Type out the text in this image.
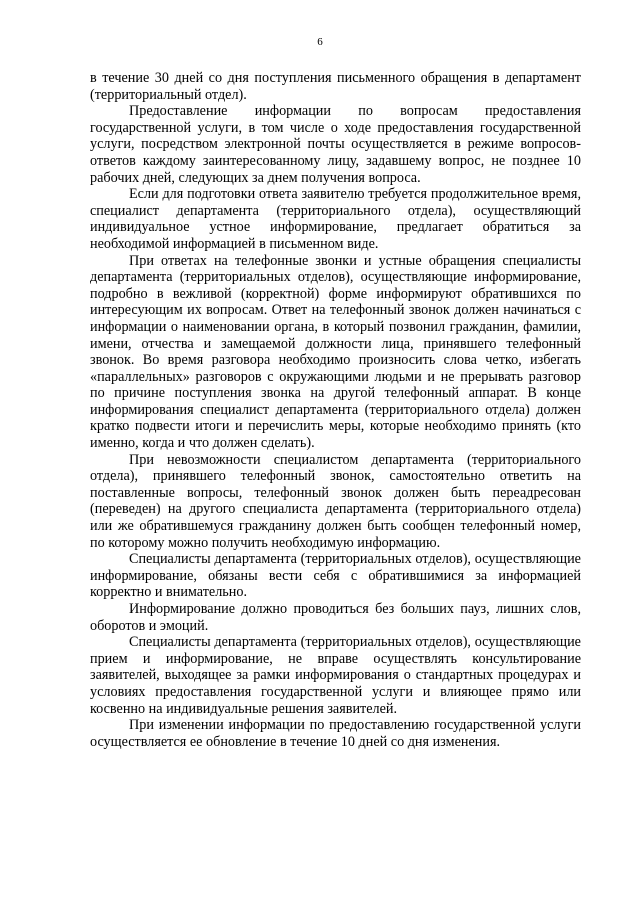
6

в течение 30 дней со дня поступления письменного обращения в департамент (территориальный отдел).

Предоставление информации по вопросам предоставления государственной услуги, в том числе о ходе предоставления государственной услуги, посредством электронной почты осуществляется в режиме вопросов-ответов каждому заинтересованному лицу, задавшему вопрос, не позднее 10 рабочих дней, следующих за днем получения вопроса.

Если для подготовки ответа заявителю требуется продолжительное время, специалист департамента (территориального отдела), осуществляющий индивидуальное устное информирование, предлагает обратиться за необходимой информацией в письменном виде.

При ответах на телефонные звонки и устные обращения специалисты департамента (территориальных отделов), осуществляющие информирование, подробно в вежливой (корректной) форме информируют обратившихся по интересующим их вопросам. Ответ на телефонный звонок должен начинаться с информации о наименовании органа, в который позвонил гражданин, фамилии, имени, отчества и замещаемой должности лица, принявшего телефонный звонок. Во время разговора необходимо произносить слова четко, избегать «параллельных» разговоров с окружающими людьми и не прерывать разговор по причине поступления звонка на другой телефонный аппарат. В конце информирования специалист департамента (территориального отдела) должен кратко подвести итоги и перечислить меры, которые необходимо принять (кто именно, когда и что должен сделать).

При невозможности специалистом департамента (территориального отдела), принявшего телефонный звонок, самостоятельно ответить на поставленные вопросы, телефонный звонок должен быть переадресован (переведен) на другого специалиста департамента (территориального отдела) или же обратившемуся гражданину должен быть сообщен телефонный номер, по которому можно получить необходимую информацию.

Специалисты департамента (территориальных отделов), осуществляющие информирование, обязаны вести себя с обратившимися за информацией корректно и внимательно.

Информирование должно проводиться без больших пауз, лишних слов, оборотов и эмоций.

Специалисты департамента (территориальных отделов), осуществляющие прием и информирование, не вправе осуществлять консультирование заявителей, выходящее за рамки информирования о стандартных процедурах и условиях предоставления государственной услуги и влияющее прямо или косвенно на индивидуальные решения заявителей.

При изменении информации по предоставлению государственной услуги осуществляется ее обновление в течение 10 дней со дня изменения.
